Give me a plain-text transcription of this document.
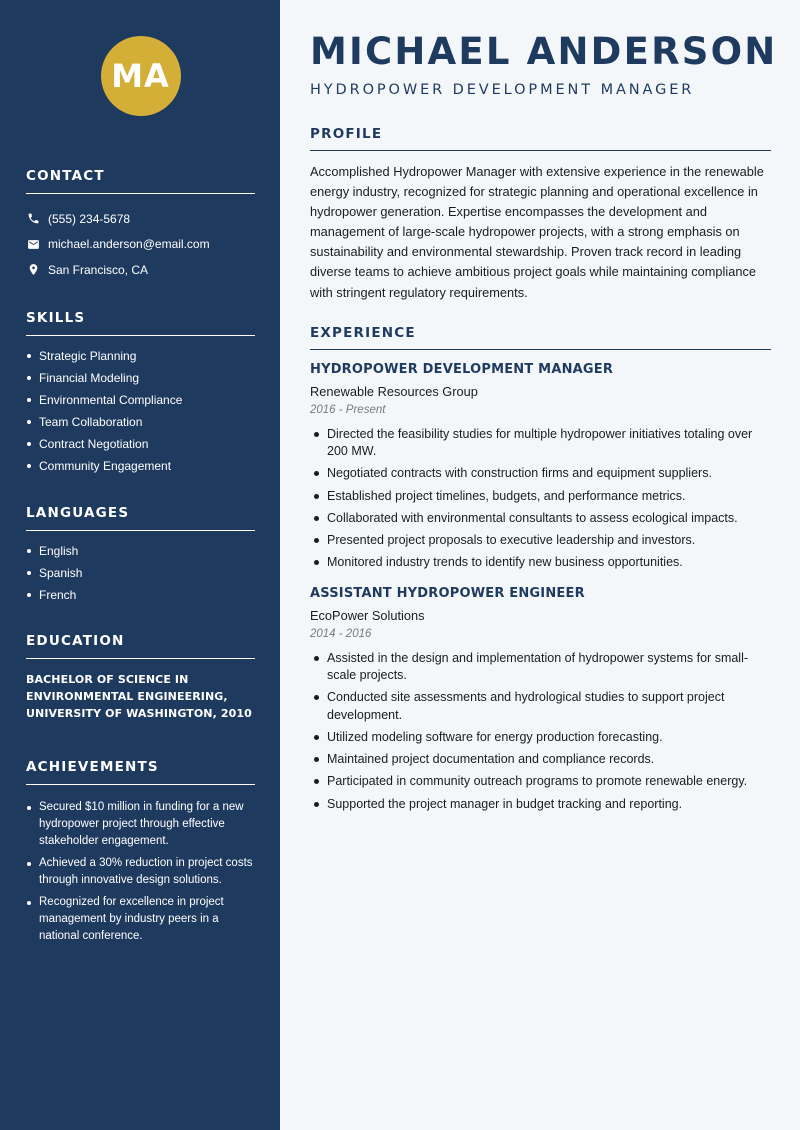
MA
CONTACT
(555) 234-5678
michael.anderson@email.com
San Francisco, CA
SKILLS
Strategic Planning
Financial Modeling
Environmental Compliance
Team Collaboration
Contract Negotiation
Community Engagement
LANGUAGES
English
Spanish
French
EDUCATION
BACHELOR OF SCIENCE IN
ENVIRONMENTAL ENGINEERING,
UNIVERSITY OF WASHINGTON, 2010
ACHIEVEMENTS
Secured $10 million in funding for a new hydropower project through effective stakeholder engagement.
Achieved a 30% reduction in project costs through innovative design solutions.
Recognized for excellence in project management by industry peers in a national conference.
MICHAEL ANDERSON
HYDROPOWER DEVELOPMENT MANAGER
PROFILE

Accomplished Hydropower Manager with extensive experience in the renewable energy industry, recognized for strategic planning and operational excellence in hydropower generation. Expertise encompasses the development and management of large-scale hydropower projects, with a strong emphasis on sustainability and environmental stewardship. Proven track record in leading diverse teams to achieve ambitious project goals while maintaining compliance with stringent regulatory requirements.

EXPERIENCE
HYDROPOWER DEVELOPMENT MANAGER
Renewable Resources Group
2016 - Present
Directed the feasibility studies for multiple hydropower initiatives totaling over 200 MW.
Negotiated contracts with construction firms and equipment suppliers.
Established project timelines, budgets, and performance metrics.
Collaborated with environmental consultants to assess ecological impacts.
Presented project proposals to executive leadership and investors.
Monitored industry trends to identify new business opportunities.
ASSISTANT HYDROPOWER ENGINEER
EcoPower Solutions
2014 - 2016
Assisted in the design and implementation of hydropower systems for small-scale projects.
Conducted site assessments and hydrological studies to support project development.
Utilized modeling software for energy production forecasting.
Maintained project documentation and compliance records.
Participated in community outreach programs to promote renewable energy.
Supported the project manager in budget tracking and reporting.
